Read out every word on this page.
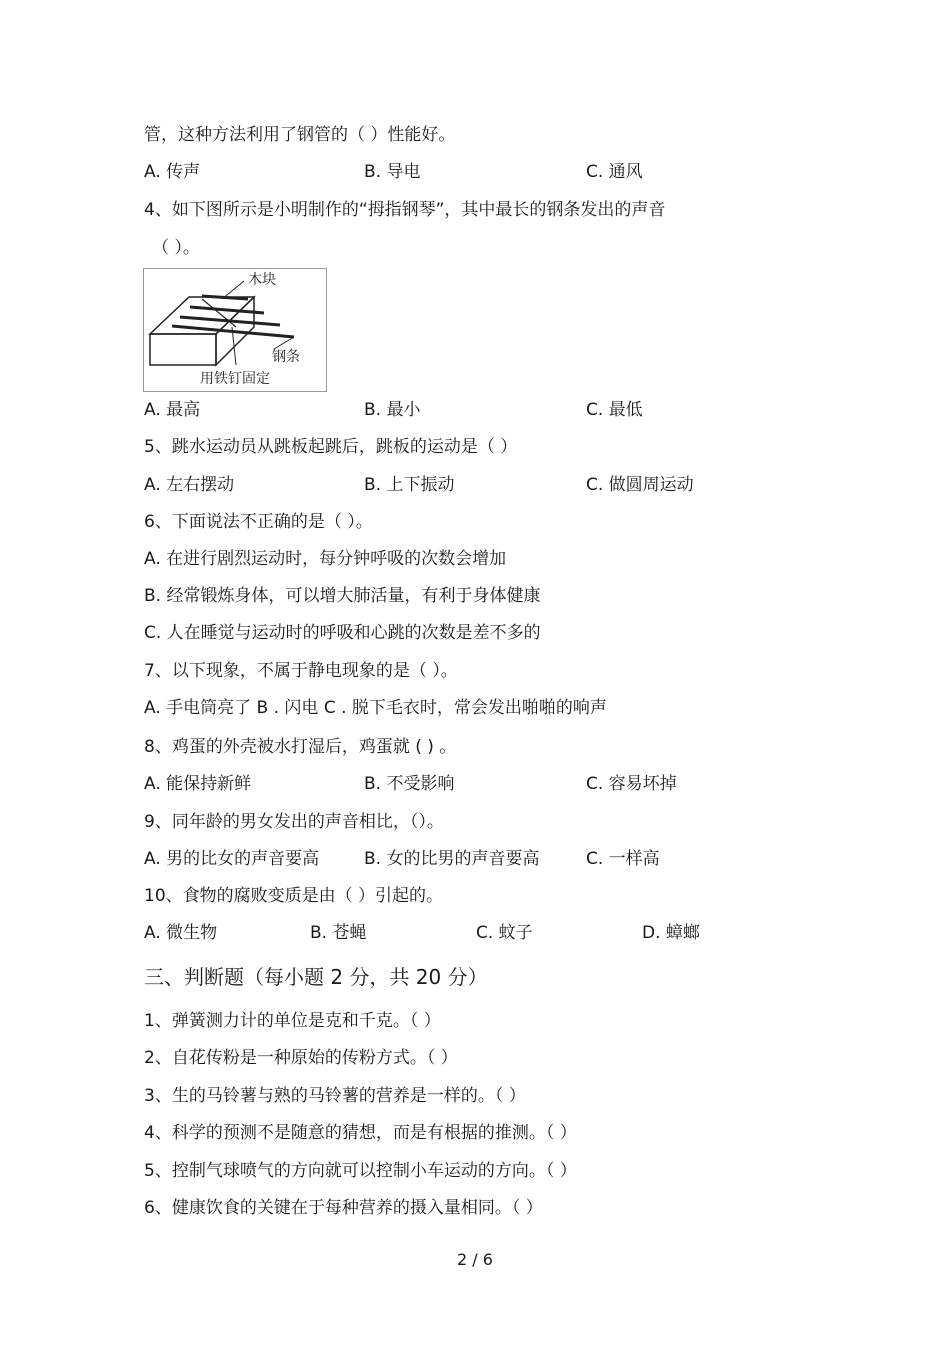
管，这种方法利用了钢管的（ ）性能好。
A. 传声	B. 导电	C. 通风
4、如下图所示是小明制作的“拇指钢琴”，其中最长的钢条发出的声音
（ ）。
木块
钢条
用铁钉固定
A. 最高	B. 最小	C. 最低
5、跳水运动员从跳板起跳后，跳板的运动是（ ）
A. 左右摆动	B. 上下振动	C. 做圆周运动
6、下面说法不正确的是（ ）。
A. 在进行剧烈运动时，每分钟呼吸的次数会增加
B. 经常锻炼身体，可以增大肺活量，有利于身体健康
C. 人在睡觉与运动时的呼吸和心跳的次数是差不多的
7、以下现象，不属于静电现象的是（ ）。
A. 手电筒亮了 B . 闪电 C . 脱下毛衣时，常会发出啪啪的响声
8、鸡蛋的外壳被水打湿后，鸡蛋就 ( ) 。
A. 能保持新鲜	B. 不受影响	C. 容易坏掉
9、同年龄的男女发出的声音相比，（）。
A. 男的比女的声音要高	B. 女的比男的声音要高	C. 一样高
10、食物的腐败变质是由（ ）引起的。
A. 微生物	B. 苍蝇	C. 蚊子	D. 蟑螂
三、判断题（每小题 2 分，共 20 分）
1、弹簧测力计的单位是克和千克。（ ）
2、自花传粉是一种原始的传粉方式。（ ）
3、生的马铃薯与熟的马铃薯的营养是一样的。（ ）
4、科学的预测不是随意的猜想，而是有根据的推测。（ ）
5、控制气球喷气的方向就可以控制小车运动的方向。（ ）
6、健康饮食的关键在于每种营养的摄入量相同。（ ）
2 / 6
